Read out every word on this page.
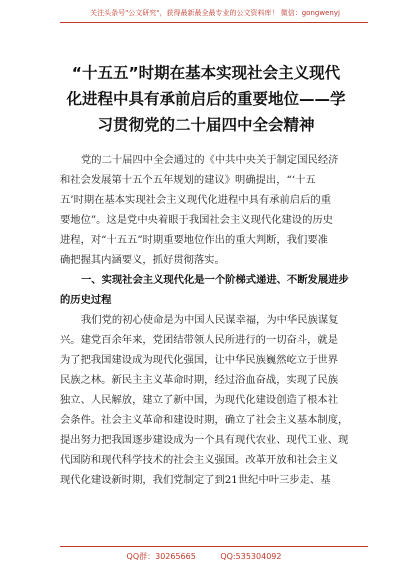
关注头条号"公文研究"，获得最新最全最专业的公文资料库！ 微信：gongwenyj
“十五五”时期在基本实现社会主义现代
化进程中具有承前启后的重要地位——学
习贯彻党的二十届四中全会精神
党的二十届四中全会通过的《中共中央关于制定国民经济
和社会发展第十五个五年规划的建议》明确提出，“‘十五
五’时期在基本实现社会主义现代化进程中具有承前启后的重
要地位”。这是党中央着眼于我国社会主义现代化建设的历史
进程，对“十五五”时期重要地位作出的重大判断，我们要准
确把握其内涵要义，抓好贯彻落实。
一、实现社会主义现代化是一个阶梯式递进、不断发展进步
的历史过程
我们党的初心使命是为中国人民谋幸福，为中华民族谋复
兴。建党百余年来，党团结带领人民所进行的一切奋斗，就是
为了把我国建设成为现代化强国，让中华民族巍然屹立于世界
民族之林。新民主主义革命时期，经过浴血奋战，实现了民族
独立、人民解放，建立了新中国，为现代化建设创造了根本社
会条件。社会主义革命和建设时期，确立了社会主义基本制度，
提出努力把我国逐步建设成为一个具有现代农业、现代工业、现
代国防和现代科学技术的社会主义强国。改革开放和社会主义
现代化建设新时期，我们党制定了到21世纪中叶三步走、基
QQ群：30265665	QQ:535304092
